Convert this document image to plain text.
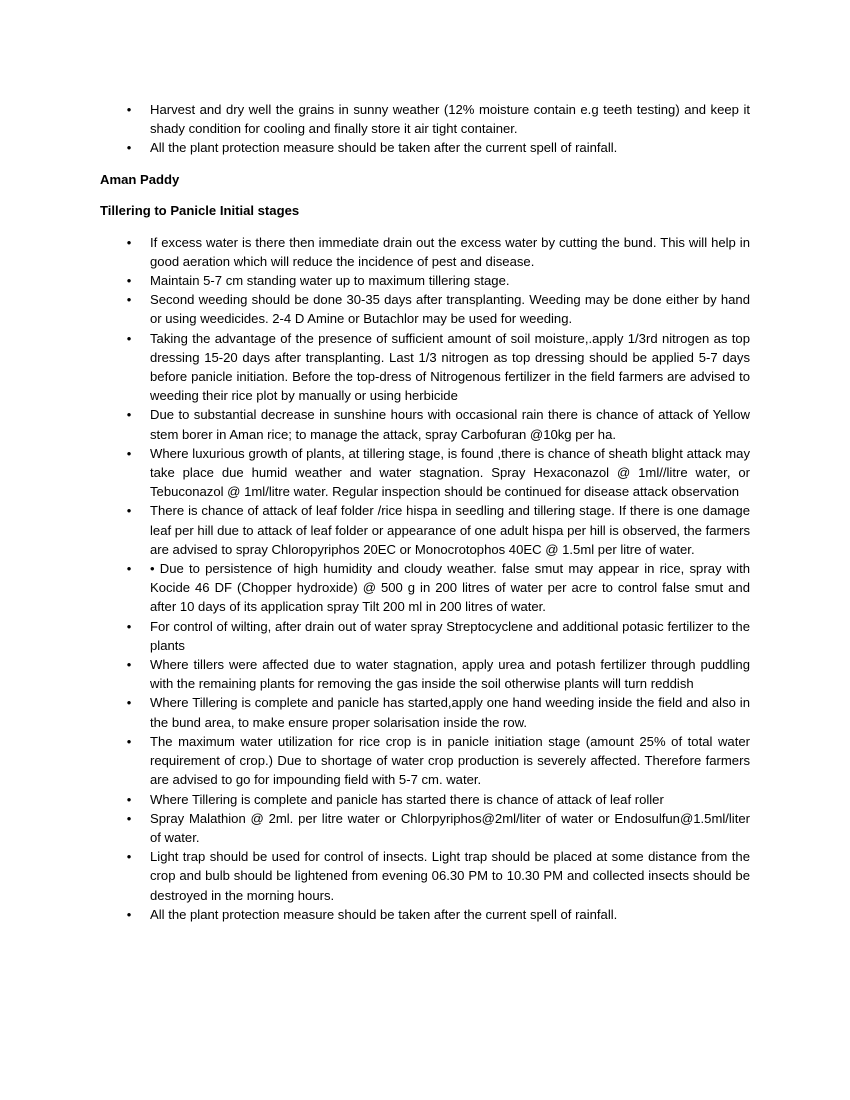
• Harvest and dry well the grains in sunny weather (12% moisture contain e.g teeth testing) and keep it shady condition for cooling and finally store it air tight container.
• All the plant protection measure should be taken after the current spell of rainfall.

Aman Paddy

Tillering to Panicle Initial stages

• If excess water is there then immediate drain out the excess water by cutting the bund. This will help in good aeration which will reduce the incidence of pest and disease.
• Maintain 5-7 cm standing water up to maximum tillering stage.
• Second weeding should be done 30-35 days after transplanting. Weeding may be done either by hand or using weedicides. 2-4 D Amine or Butachlor may be used for weeding.
• Taking the advantage of the presence of sufficient amount of soil moisture,.apply 1/3rd nitrogen as top dressing 15-20 days after transplanting. Last 1/3 nitrogen as top dressing should be applied 5-7 days before panicle initiation. Before the top-dress of Nitrogenous fertilizer in the field farmers are advised to weeding their rice plot by manually or using herbicide
• Due to substantial decrease in sunshine hours with occasional rain there is chance of attack of Yellow stem borer in Aman rice; to manage the attack, spray Carbofuran @10kg per ha.
• Where luxurious growth of plants, at tillering stage, is found ,there is chance of sheath blight attack may take place due humid weather and water stagnation. Spray Hexaconazol @ 1ml//litre water, or Tebuconazol @ 1ml/litre water. Regular inspection should be continued for disease attack observation
• There is chance of attack of leaf folder /rice hispa in seedling and tillering stage. If there is one damage leaf per hill due to attack of leaf folder or appearance of one adult hispa per hill is observed, the farmers are advised to spray Chloropyriphos 20EC or Monocrotophos 40EC @ 1.5ml per litre of water.
• • Due to persistence of high humidity and cloudy weather. false smut may appear in rice, spray with Kocide 46 DF (Chopper hydroxide) @ 500 g in 200 litres of water per acre to control false smut and after 10 days of its application spray Tilt 200 ml in 200 litres of water.
• For control of wilting, after drain out of water spray Streptocyclene and additional potasic fertilizer to the plants
• Where tillers were affected due to water stagnation, apply urea and potash fertilizer through puddling with the remaining plants for removing the gas inside the soil otherwise plants will turn reddish
• Where Tillering is complete and panicle has started,apply one hand weeding inside the field and also in the bund area, to make ensure proper solarisation inside the row.
• The maximum water utilization for rice crop is in panicle initiation stage (amount 25% of total water requirement of crop.) Due to shortage of water crop production is severely affected. Therefore farmers are advised to go for impounding field with 5-7 cm. water.
• Where Tillering is complete and panicle has started there is chance of attack of leaf roller
• Spray Malathion @ 2ml. per litre water or Chlorpyriphos@2ml/liter of water or Endosulfun@1.5ml/liter of water.
• Light trap should be used for control of insects. Light trap should be placed at some distance from the crop and bulb should be lightened from evening 06.30 PM to 10.30 PM and collected insects should be destroyed in the morning hours.
• All the plant protection measure should be taken after the current spell of rainfall.
